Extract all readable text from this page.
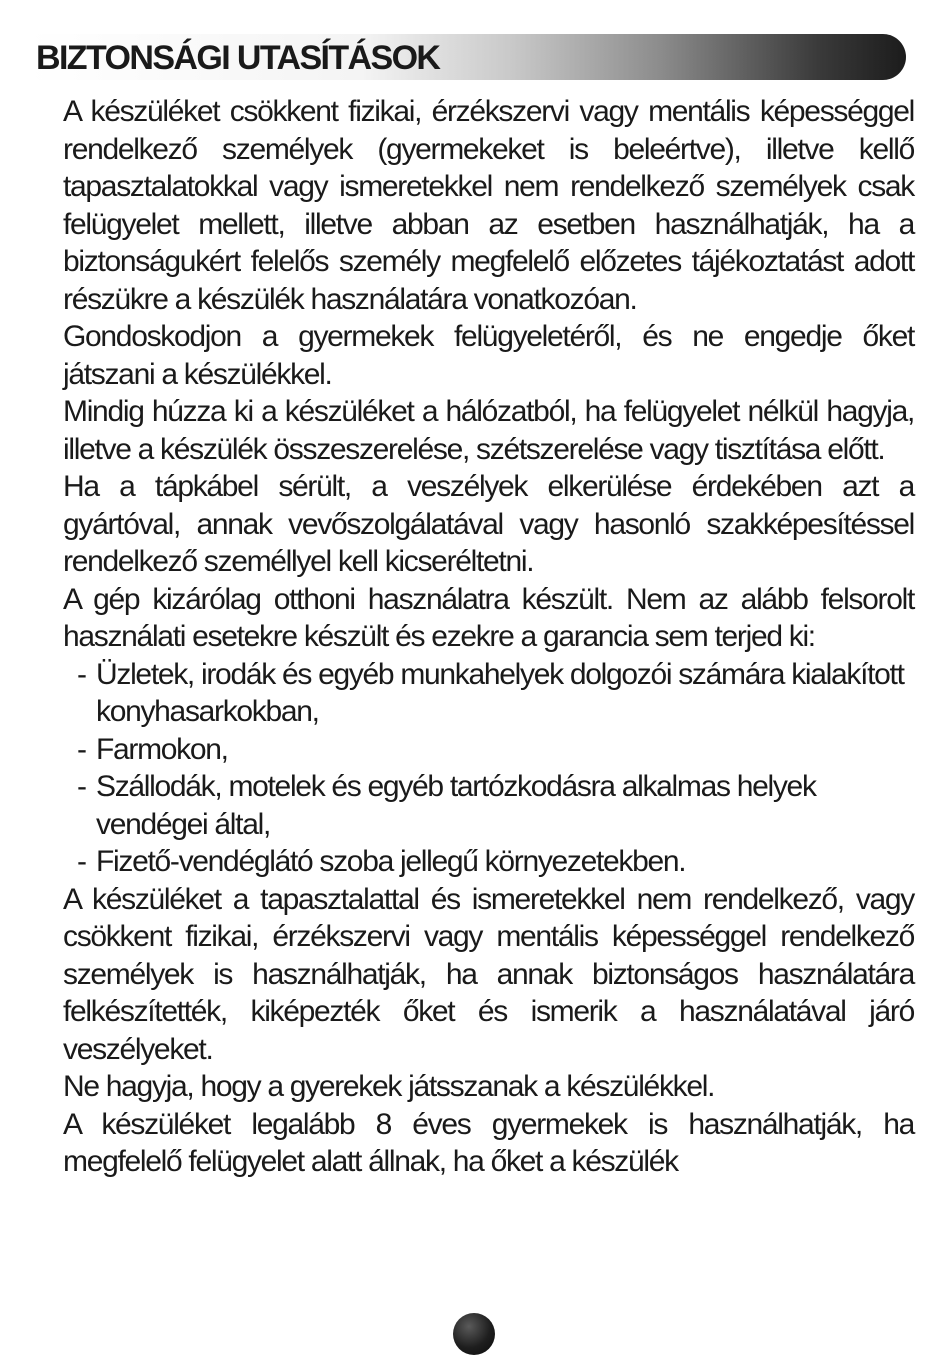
BIZTONSÁGI UTASÍTÁSOK

A készüléket csökkent fizikai, érzékszervi vagy mentális képességgel rendelkező személyek (gyermekeket is beleértve), illetve kellő tapasztalatokkal vagy ismeretekkel nem rendelkező személyek csak felügyelet mellett, illetve abban az esetben használhatják, ha a biztonságukért felelős személy megfelelő előzetes tájékoztatást adott részükre a készülék használatára vonatkozóan.

Gondoskodjon a gyermekek felügyeletéről, és ne engedje őket játszani a készülékkel.

Mindig húzza ki a készüléket a hálózatból, ha felügyelet nélkül hagyja, illetve a készülék összeszerelése, szétszerelése vagy tisztítása előtt.

Ha a tápkábel sérült, a veszélyek elkerülése érdekében azt a gyártóval, annak vevőszolgálatával vagy hasonló szakképesítéssel rendelkező személlyel kell kicseréltetni.

A gép kizárólag otthoni használatra készült. Nem az alább felsorolt használati esetekre készült és ezekre a garancia sem terjed ki:

- Üzletek, irodák és egyéb munkahelyek dolgozói számára kialakított konyhasarkokban,
- Farmokon,
- Szállodák, motelek és egyéb tartózkodásra alkalmas helyek vendégei által,
- Fizető-vendéglátó szoba jellegű környezetekben.

A készüléket a tapasztalattal és ismeretekkel nem rendelkező, vagy csökkent fizikai, érzékszervi vagy mentális képességgel rendelkező személyek is használhatják, ha annak biztonságos használatára felkészítették, kiképezték őket és ismerik a használatával járó veszélyeket.

Ne hagyja, hogy a gyerekek játsszanak a készülékkel.

A készüléket legalább 8 éves gyermekek is használhatják, ha megfelelő felügyelet alatt állnak, ha őket a készülék
